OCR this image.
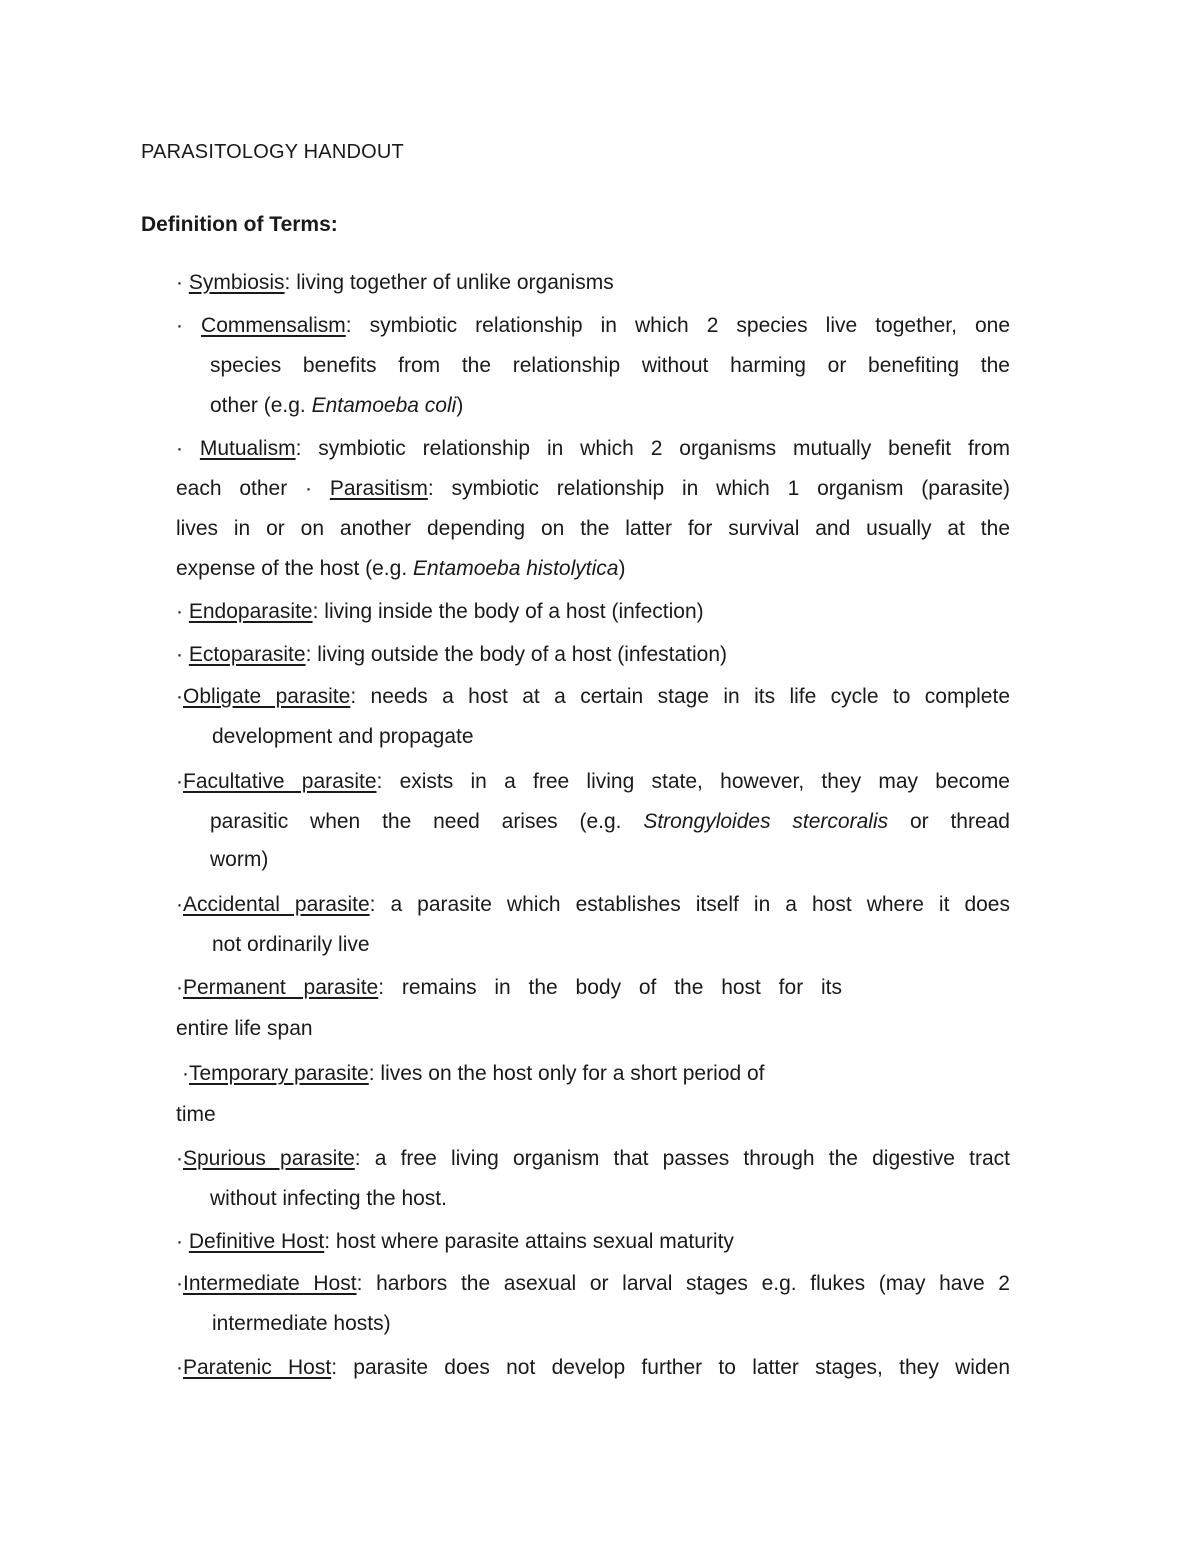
PARASITOLOGY HANDOUT
Definition of Terms:
· Symbiosis: living together of unlike organisms
· Commensalism: symbiotic relationship in which 2 species live together, one
species benefits from the relationship without harming or benefiting the
other (e.g. Entamoeba coli)
· Mutualism: symbiotic relationship in which 2 organisms mutually benefit from
each other · Parasitism: symbiotic relationship in which 1 organism (parasite)
lives in or on another depending on the latter for survival and usually at the
expense of the host (e.g. Entamoeba histolytica)
· Endoparasite: living inside the body of a host (infection)
· Ectoparasite: living outside the body of a host (infestation)
·Obligate parasite: needs a host at a certain stage in its life cycle to complete
development and propagate
·Facultative parasite: exists in a free living state, however, they may become
parasitic when the need arises (e.g. Strongyloides stercoralis or thread
worm)
·Accidental parasite: a parasite which establishes itself in a host where it does
not ordinarily live
·Permanent parasite: remains in the body of the host for its
entire life span
·Temporary parasite: lives on the host only for a short period of
time
·Spurious parasite: a free living organism that passes through the digestive tract
without infecting the host.
· Definitive Host: host where parasite attains sexual maturity
·Intermediate Host: harbors the asexual or larval stages e.g. flukes (may have 2
intermediate hosts)
·Paratenic Host: parasite does not develop further to latter stages, they widen
